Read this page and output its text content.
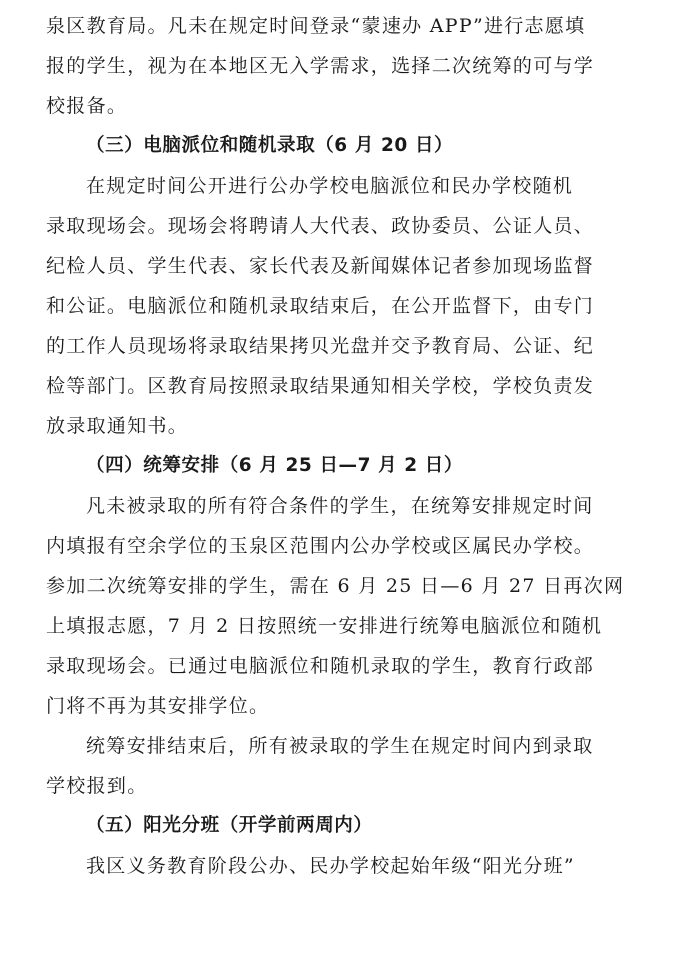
泉区教育局。凡未在规定时间登录“蒙速办 APP”进行志愿填
报的学生，视为在本地区无入学需求，选择二次统筹的可与学
校报备。
（三）电脑派位和随机录取（6 月 20 日）
在规定时间公开进行公办学校电脑派位和民办学校随机
录取现场会。现场会将聘请人大代表、政协委员、公证人员、
纪检人员、学生代表、家长代表及新闻媒体记者参加现场监督
和公证。电脑派位和随机录取结束后，在公开监督下，由专门
的工作人员现场将录取结果拷贝光盘并交予教育局、公证、纪
检等部门。区教育局按照录取结果通知相关学校，学校负责发
放录取通知书。
（四）统筹安排（6 月 25 日—7 月 2 日）
凡未被录取的所有符合条件的学生，在统筹安排规定时间
内填报有空余学位的玉泉区范围内公办学校或区属民办学校。
参加二次统筹安排的学生，需在 6 月 25 日—6 月 27 日再次网
上填报志愿，7 月 2 日按照统一安排进行统筹电脑派位和随机
录取现场会。已通过电脑派位和随机录取的学生，教育行政部
门将不再为其安排学位。
统筹安排结束后，所有被录取的学生在规定时间内到录取
学校报到。
（五）阳光分班（开学前两周内）
我区义务教育阶段公办、民办学校起始年级“阳光分班”
